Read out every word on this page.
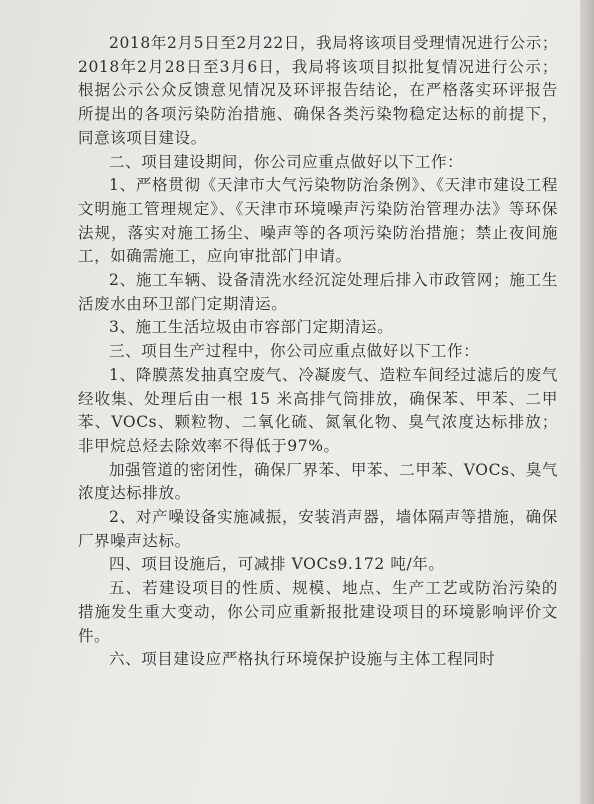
2018年2月5日至2月22日，我局将该项目受理情况进行公示；2018年2月28日至3月6日，我局将该项目拟批复情况进行公示；根据公示公众反馈意见情况及环评报告结论，在严格落实环评报告所提出的各项污染防治措施、确保各类污染物稳定达标的前提下，同意该项目建设。

二、项目建设期间，你公司应重点做好以下工作：

1、严格贯彻《天津市大气污染物防治条例》、《天津市建设工程文明施工管理规定》、《天津市环境噪声污染防治管理办法》等环保法规，落实对施工扬尘、噪声等的各项污染防治措施；禁止夜间施工，如确需施工，应向审批部门申请。

2、施工车辆、设备清洗水经沉淀处理后排入市政管网；施工生活废水由环卫部门定期清运。

3、施工生活垃圾由市容部门定期清运。

三、项目生产过程中，你公司应重点做好以下工作：

1、降膜蒸发抽真空废气、冷凝废气、造粒车间经过滤后的废气经收集、处理后由一根 15 米高排气筒排放，确保苯、甲苯、二甲苯、VOCs、颗粒物、二氧化硫、氮氧化物、臭气浓度达标排放；非甲烷总烃去除效率不得低于97%。

加强管道的密闭性，确保厂界苯、甲苯、二甲苯、VOCs、臭气浓度达标排放。

2、对产噪设备实施减振，安装消声器，墙体隔声等措施，确保厂界噪声达标。

四、项目设施后，可减排 VOCs9.172 吨/年。

五、若建设项目的性质、规模、地点、生产工艺或防治污染的措施发生重大变动，你公司应重新报批建设项目的环境影响评价文件。

六、项目建设应严格执行环境保护设施与主体工程同时
